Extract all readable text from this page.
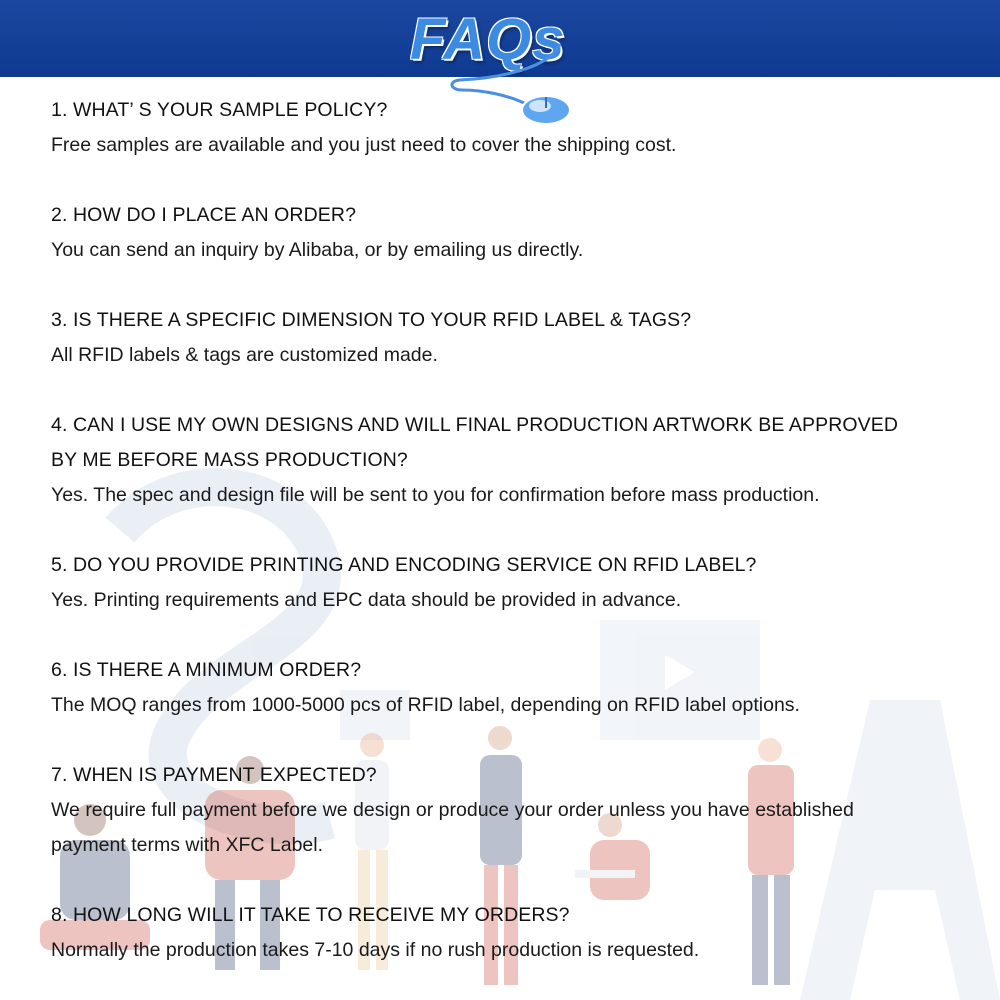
FAQs
1. WHAT’ S YOUR SAMPLE POLICY?
Free samples are available and you just need to cover the shipping cost.
2. HOW DO I PLACE AN ORDER?
You can send an inquiry by Alibaba, or by emailing us directly.
3. IS THERE A SPECIFIC DIMENSION TO YOUR RFID LABEL & TAGS?
All RFID labels & tags are customized made.
4. CAN I USE MY OWN DESIGNS AND WILL FINAL PRODUCTION ARTWORK BE APPROVED
BY ME BEFORE MASS PRODUCTION?
Yes. The spec and design file will be sent to you for confirmation before mass production.
5. DO YOU PROVIDE PRINTING AND ENCODING SERVICE ON RFID LABEL?
Yes. Printing requirements and EPC data should be provided in advance.
6. IS THERE A MINIMUM ORDER?
The MOQ ranges from 1000-5000 pcs of RFID label, depending on RFID label options.
7. WHEN IS PAYMENT EXPECTED?
We require full payment before we design or produce your order unless you have established
payment terms with XFC Label.
8. HOW LONG WILL IT TAKE TO RECEIVE MY ORDERS?
Normally the production takes 7-10 days if no rush production is requested.
